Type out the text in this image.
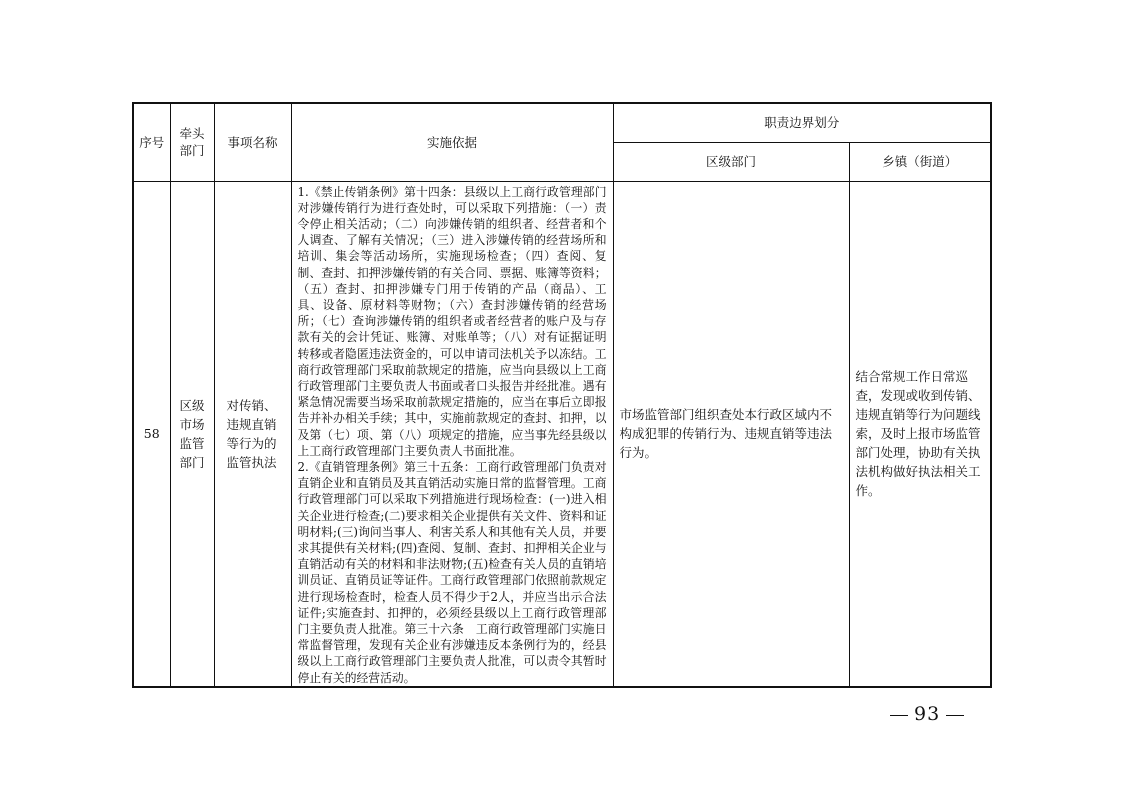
序号	牵头部门	事项名称	实施依据	职责边界划分	
				区级部门	乡镇（街道）
58	区级市场监管部门	对传销、违规直销等行为的监管执法	1.《禁止传销条例》第十四条：县级以上工商行政管理部门对涉嫌传销行为进行查处时，可以采取下列措施：（一）责令停止相关活动；（二）向涉嫌传销的组织者、经营者和个人调查、了解有关情况；（三）进入涉嫌传销的经营场所和培训、集会等活动场所，实施现场检查；（四）查阅、复制、查封、扣押涉嫌传销的有关合同、票据、账簿等资料；（五）查封、扣押涉嫌专门用于传销的产品（商品）、工具、设备、原材料等财物；（六）查封涉嫌传销的经营场所；（七）查询涉嫌传销的组织者或者经营者的账户及与存款有关的会计凭证、账簿、对账单等；（八）对有证据证明转移或者隐匿违法资金的，可以申请司法机关予以冻结。工商行政管理部门采取前款规定的措施，应当向县级以上工商行政管理部门主要负责人书面或者口头报告并经批准。遇有紧急情况需要当场采取前款规定措施的，应当在事后立即报告并补办相关手续；其中，实施前款规定的查封、扣押，以及第（七）项、第（八）项规定的措施，应当事先经县级以上工商行政管理部门主要负责人书面批准。

2.《直销管理条例》第三十五条：工商行政管理部门负责对直销企业和直销员及其直销活动实施日常的监督管理。工商行政管理部门可以采取下列措施进行现场检查：(一)进入相关企业进行检查;(二)要求相关企业提供有关文件、资料和证明材料;(三)询问当事人、利害关系人和其他有关人员，并要求其提供有关材料;(四)查阅、复制、查封、扣押相关企业与直销活动有关的材料和非法财物;(五)检查有关人员的直销培训员证、直销员证等证件。工商行政管理部门依照前款规定进行现场检查时，检查人员不得少于2人，并应当出示合法证件;实施查封、扣押的，必须经县级以上工商行政管理部门主要负责人批准。第三十六条　工商行政管理部门实施日常监督管理，发现有关企业有涉嫌违反本条例行为的，经县级以上工商行政管理部门主要负责人批准，可以责令其暂时停止有关的经营活动。	市场监管部门组织查处本行政区域内不构成犯罪的传销行为、违规直销等违法行为。	结合常规工作日常巡查，发现或收到传销、违规直销等行为问题线索，及时上报市场监管部门处理，协助有关执法机构做好执法相关工作。
93
